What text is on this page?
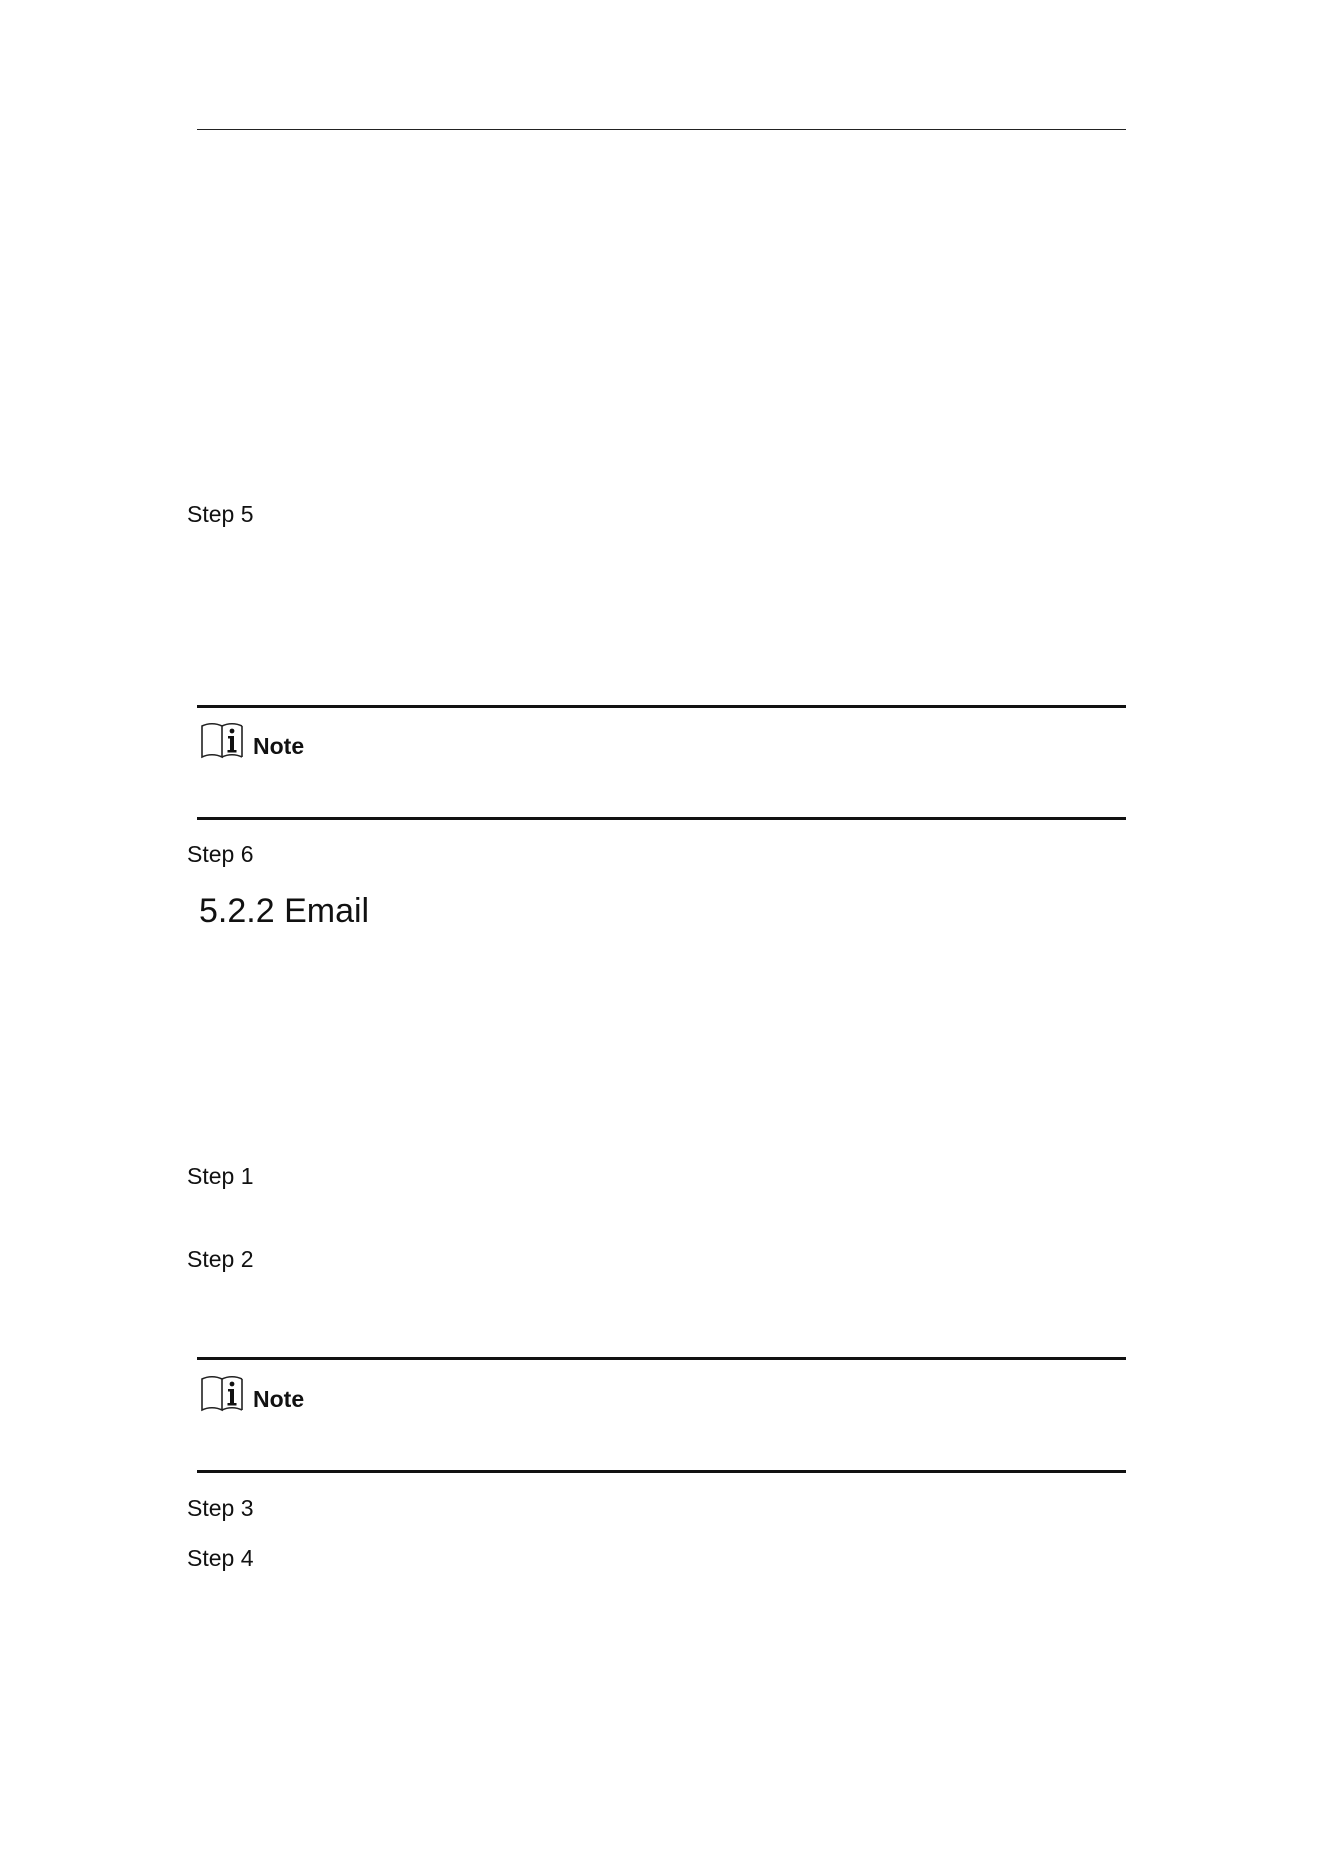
Step 5
Note
Step 6
5.2.2 Email
Step 1
Step 2
Note
Step 3
Step 4
